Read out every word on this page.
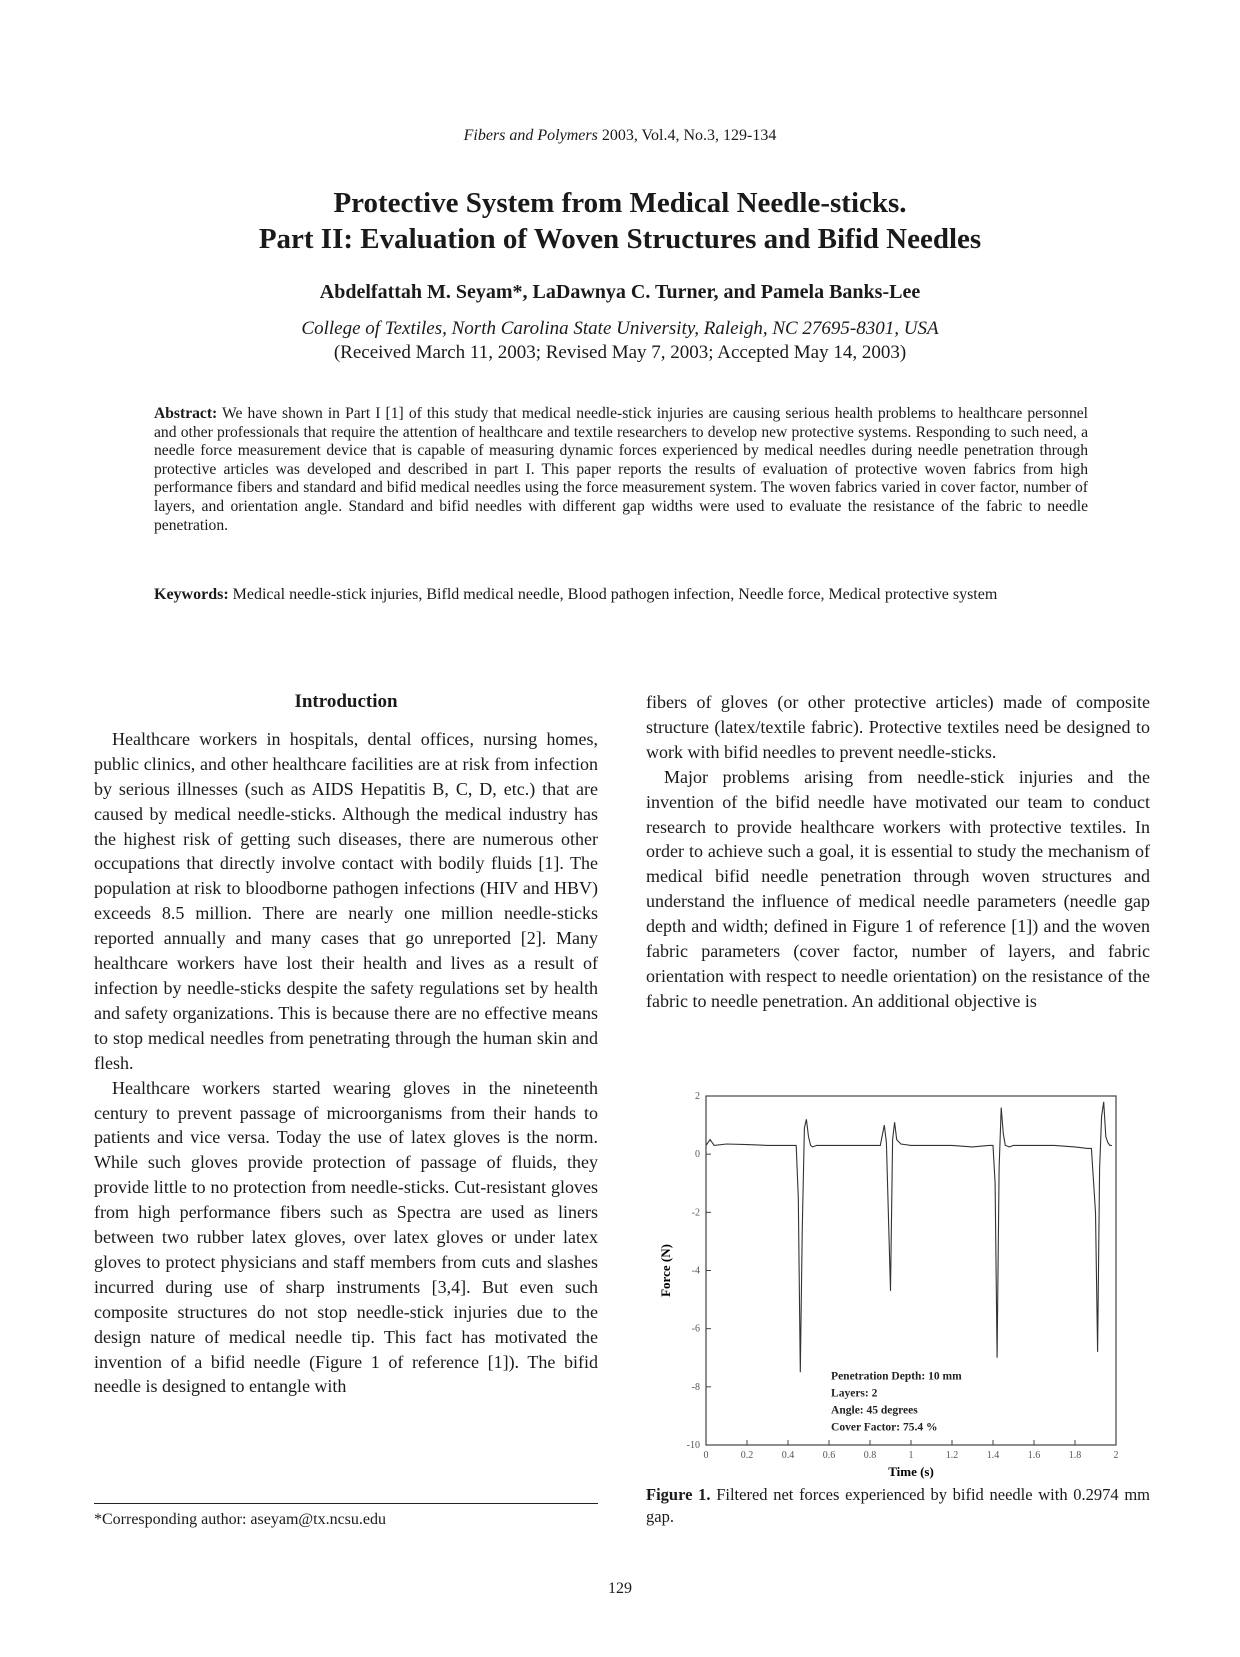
Fibers and Polymers 2003, Vol.4, No.3, 129-134
Protective System from Medical Needle-sticks.
Part II: Evaluation of Woven Structures and Bifid Needles
Abdelfattah M. Seyam*, LaDawnya C. Turner, and Pamela Banks-Lee
College of Textiles, North Carolina State University, Raleigh, NC 27695-8301, USA
(Received March 11, 2003; Revised May 7, 2003; Accepted May 14, 2003)
Abstract: We have shown in Part I [1] of this study that medical needle-stick injuries are causing serious health problems to healthcare personnel and other professionals that require the attention of healthcare and textile researchers to develop new protective systems. Responding to such need, a needle force measurement device that is capable of measuring dynamic forces experienced by medical needles during needle penetration through protective articles was developed and described in part I. This paper reports the results of evaluation of protective woven fabrics from high performance fibers and standard and bifid medical needles using the force measurement system. The woven fabrics varied in cover factor, number of layers, and orientation angle. Standard and bifid needles with different gap widths were used to evaluate the resistance of the fabric to needle penetration.
Keywords: Medical needle-stick injuries, Bifld medical needle, Blood pathogen infection, Needle force, Medical protective system
Introduction

Healthcare workers in hospitals, dental offices, nursing homes, public clinics, and other healthcare facilities are at risk from infection by serious illnesses (such as AIDS Hepatitis B, C, D, etc.) that are caused by medical needle-sticks. Although the medical industry has the highest risk of getting such diseases, there are numerous other occupations that directly involve contact with bodily fluids [1]. The population at risk to bloodborne pathogen infections (HIV and HBV) exceeds 8.5 million. There are nearly one million needle-sticks reported annually and many cases that go unreported [2]. Many healthcare workers have lost their health and lives as a result of infection by needle-sticks despite the safety regulations set by health and safety organizations. This is because there are no effective means to stop medical needles from penetrating through the human skin and flesh.

Healthcare workers started wearing gloves in the nineteenth century to prevent passage of microorganisms from their hands to patients and vice versa. Today the use of latex gloves is the norm. While such gloves provide protection of passage of fluids, they provide little to no protection from needle-sticks. Cut-resistant gloves from high performance fibers such as Spectra are used as liners between two rubber latex gloves, over latex gloves or under latex gloves to protect physicians and staff members from cuts and slashes incurred during use of sharp instruments [3,4]. But even such composite structures do not stop needle-stick injuries due to the design nature of medical needle tip. This fact has motivated the invention of a bifid needle (Figure 1 of reference [1]). The bifid needle is designed to entangle with

fibers of gloves (or other protective articles) made of composite structure (latex/textile fabric). Protective textiles need be designed to work with bifid needles to prevent needle-sticks.

Major problems arising from needle-stick injuries and the invention of the bifid needle have motivated our team to conduct research to provide healthcare workers with protective textiles. In order to achieve such a goal, it is essential to study the mechanism of medical bifid needle penetration through woven structures and understand the influence of medical needle parameters (needle gap depth and width; defined in Figure 1 of reference [1]) and the woven fabric parameters (cover factor, number of layers, and fabric orientation with respect to needle orientation) on the resistance of the fabric to needle penetration. An additional objective is

*Corresponding author: aseyam@tx.ncsu.edu
0	0.2	0.4	0.6	0.8	1	1.2	1.4	1.6	1.8	2
2
0
-2
-4
-6
-8
-10
Time (s)
Force (N)
Penetration Depth: 10 mm
Layers: 2
Angle: 45 degrees
Cover Factor: 75.4 %
Figure 1. Filtered net forces experienced by bifid needle with 0.2974 mm gap.
129
